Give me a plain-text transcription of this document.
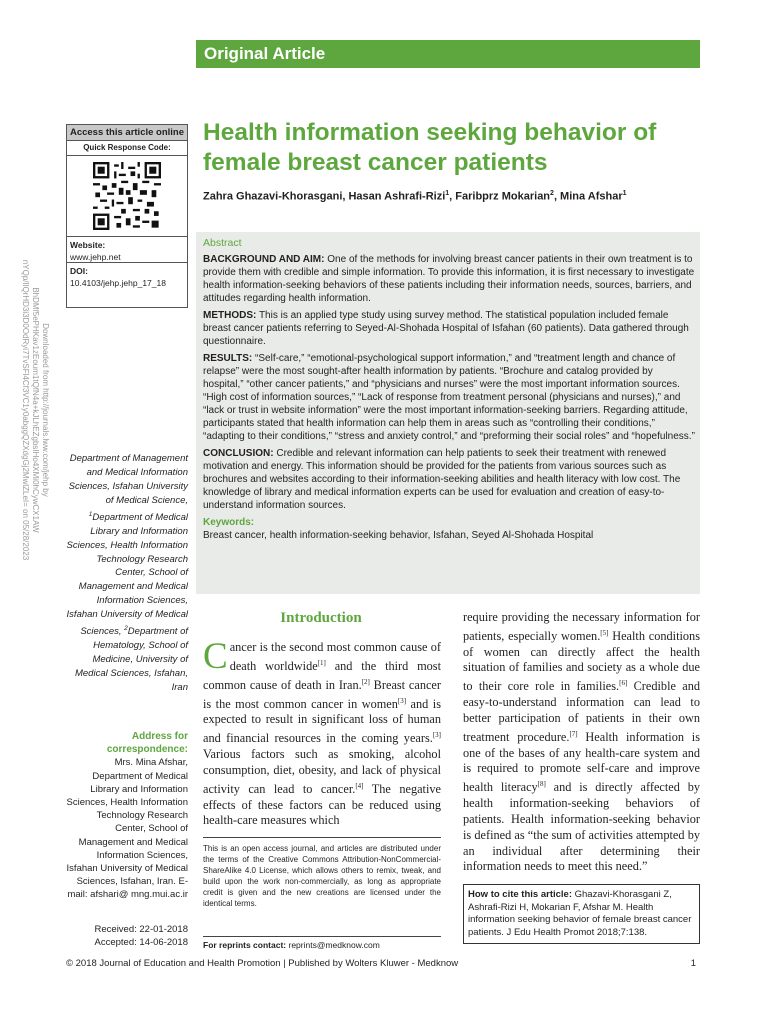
Original Article
Downloaded from http://journals.lww.com/jehp by BhDMf5ePHKav1zEoum1tQfN4a+kJLhEZgbsIHo4XMi0hCywCX1AW nYQp/IlQrHD3i3D0OdRyi7TvSFl4Cf3VC1y0abggQZXdgGj2MwlZLeI= on 05/28/2023
Access this article online
Quick Response Code:
Website:
www.jehp.net
DOI:
10.4103/jehp.jehp_17_18
Health information seeking behavior of female breast cancer patients
Zahra Ghazavi-Khorasgani, Hasan Ashrafi-Rizi$^1$, Faribprz Mokarian$^2$, Mina Afshar$^1$
Abstract

BACKGROUND AND AIM: One of the methods for involving breast cancer patients in their own treatment is to provide them with credible and simple information. To provide this information, it is first necessary to investigate health information-seeking behaviors of these patients including their information needs, sources, barriers, and attitudes regarding health information.

METHODS: This is an applied type study using survey method. The statistical population included female breast cancer patients referring to Seyed-Al-Shohada Hospital of Isfahan (60 patients). Data gathered through questionnaire.

RESULTS: “Self-care,” “emotional-psychological support information,” and “treatment length and chance of relapse” were the most sought-after health information by patients. “Brochure and catalog provided by hospital,” “other cancer patients,” and “physicians and nurses” were the most important information sources. “High cost of information sources,” “Lack of response from treatment personal (physicians and nurses),” and “lack or trust in website information” were the most important information-seeking barriers. Regarding attitude, participants stated that health information can help them in areas such as “controlling their conditions,” “adapting to their conditions,” “stress and anxiety control,” and “preforming their social roles” and “hopefulness.”

CONCLUSION: Credible and relevant information can help patients to seek their treatment with renewed motivation and energy. This information should be provided for the patients from various sources such as brochures and websites according to their information-seeking abilities and health literacy with low cost. The knowledge of library and medical information experts can be used for evaluation and creation of easy-to-understand information sources.

Keywords:
Breast cancer, health information-seeking behavior, Isfahan, Seyed Al-Shohada Hospital
Department of Management and Medical Information Sciences, Isfahan University of Medical Science, $^1$Department of Medical Library and Information Sciences, Health Information Technology Research Center, School of Management and Medical Information Sciences, Isfahan University of Medical Sciences, $^2$Department of Hematology, School of Medicine, University of Medical Sciences, Isfahan, Iran
Address for correspondence:
Mrs. Mina Afshar, Department of Medical Library and Information Sciences, Health Information Technology Research Center, School of Management and Medical Information Sciences, Isfahan University of Medical Sciences, Isfahan, Iran. E-mail: afshari@ mng.mui.ac.ir
Received: 22-01-2018
Accepted: 14-06-2018
Introduction
Cancer is the second most common cause of death worldwide[1] and the third most common cause of death in Iran.[2] Breast cancer is the most common cancer in women[3] and is expected to result in significant loss of human and financial resources in the coming years.[3] Various factors such as smoking, alcohol consumption, diet, obesity, and lack of physical activity can lead to cancer.[4] The negative effects of these factors can be reduced using health-care measures which
require providing the necessary information for patients, especially women.[5] Health conditions of women can directly affect the health situation of families and society as a whole due to their core role in families.[6] Credible and easy-to-understand information can lead to better participation of patients in their own treatment procedure.[7] Health information is one of the bases of any health-care system and is required to promote self-care and improve health literacy[8] and is directly affected by health information-seeking behaviors of patients. Health information-seeking behavior is defined as “the sum of activities attempted by an individual after determining their information needs to meet this need.”
This is an open access journal, and articles are distributed under the terms of the Creative Commons Attribution-NonCommercial-ShareAlike 4.0 License, which allows others to remix, tweak, and build upon the work non-commercially, as long as appropriate credit is given and the new creations are licensed under the identical terms.
For reprints contact: reprints@medknow.com
How to cite this article: Ghazavi-Khorasgani Z, Ashrafi-Rizi H, Mokarian F, Afshar M. Health information seeking behavior of female breast cancer patients. J Edu Health Promot 2018;7:138.
© 2018 Journal of Education and Health Promotion | Published by Wolters Kluwer - Medknow	1
